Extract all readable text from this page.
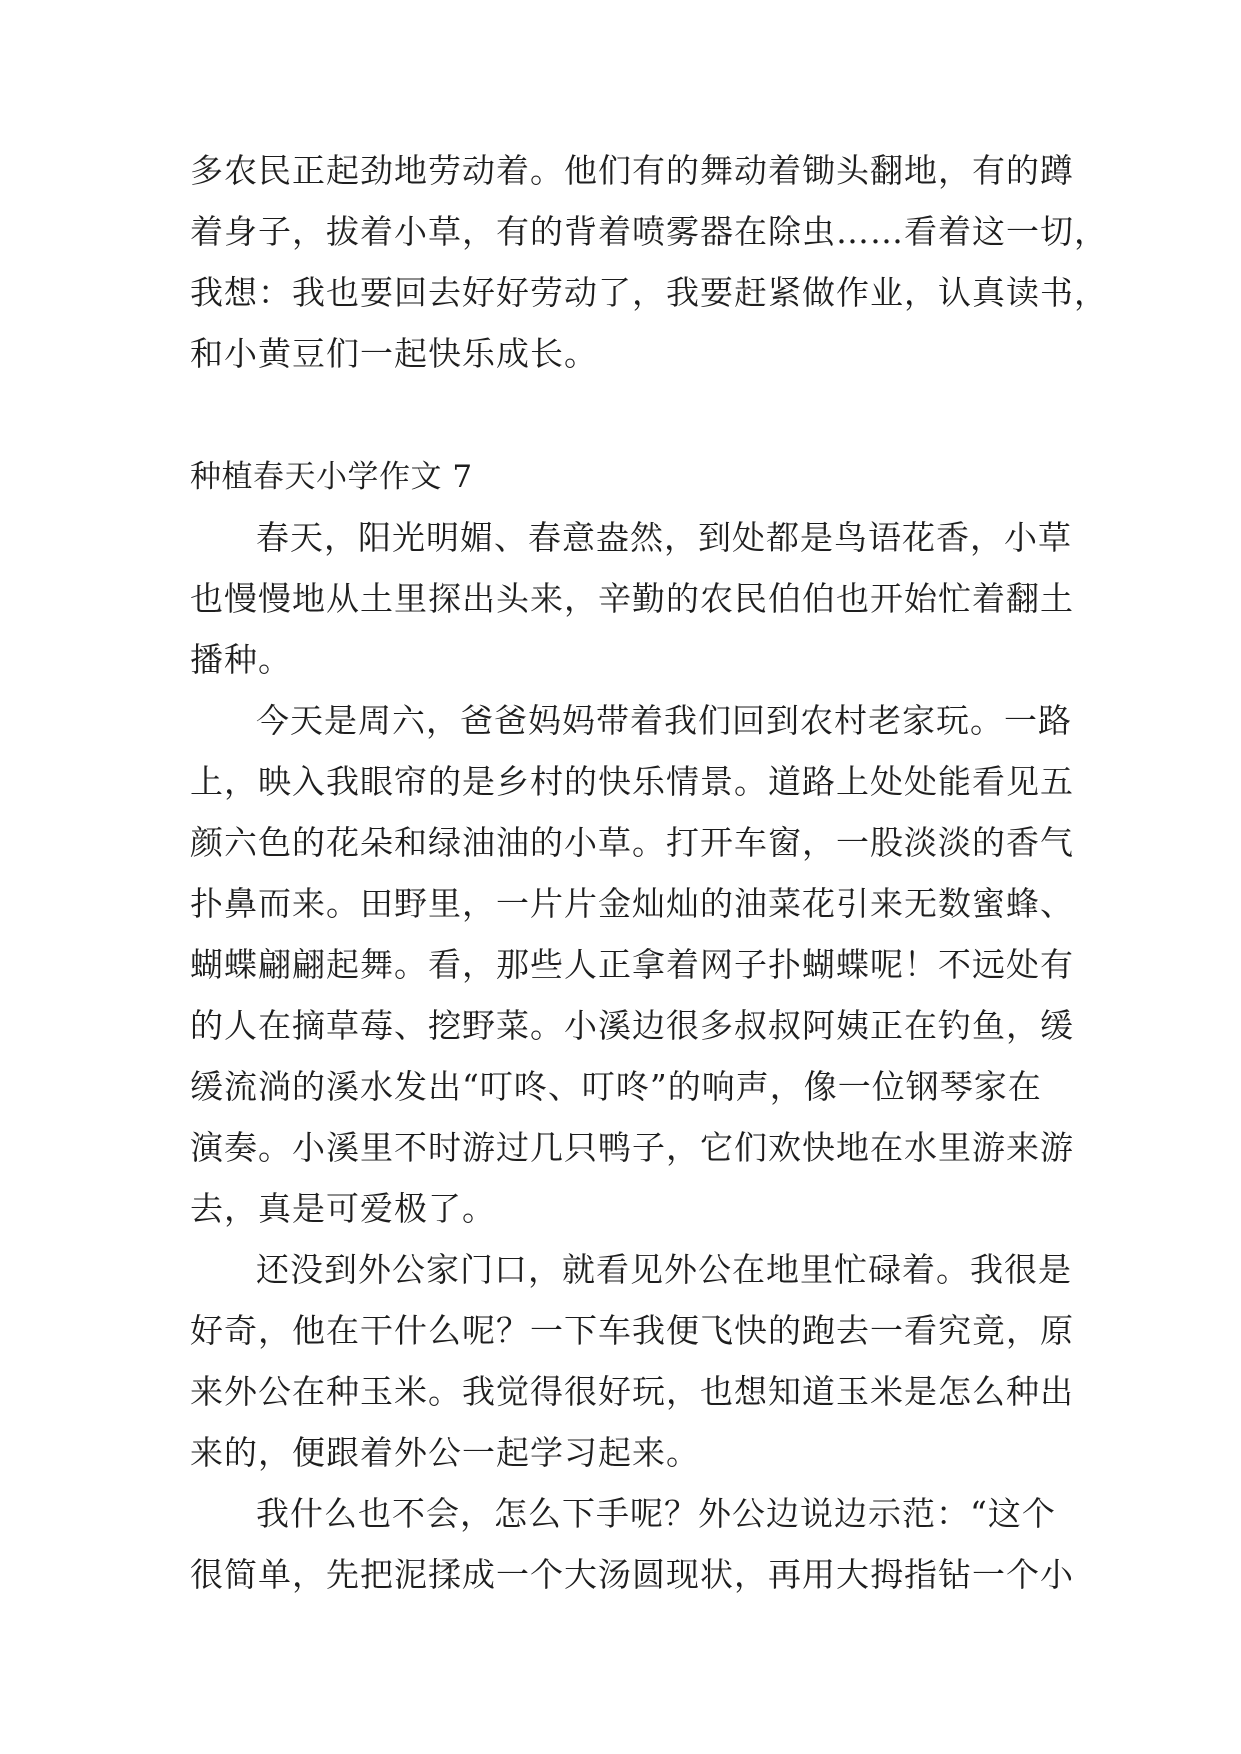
多农民正起劲地劳动着。他们有的舞动着锄头翻地，有的蹲
着身子，拔着小草，有的背着喷雾器在除虫……看着这一切，
我想：我也要回去好好劳动了，我要赶紧做作业，认真读书，
和小黄豆们一起快乐成长。
种植春天小学作文 7
春天，阳光明媚、春意盎然，到处都是鸟语花香，小草
也慢慢地从土里探出头来，辛勤的农民伯伯也开始忙着翻土
播种。
今天是周六，爸爸妈妈带着我们回到农村老家玩。一路
上，映入我眼帘的是乡村的快乐情景。道路上处处能看见五
颜六色的花朵和绿油油的小草。打开车窗，一股淡淡的香气
扑鼻而来。田野里，一片片金灿灿的油菜花引来无数蜜蜂、
蝴蝶翩翩起舞。看，那些人正拿着网子扑蝴蝶呢！不远处有
的人在摘草莓、挖野菜。小溪边很多叔叔阿姨正在钓鱼，缓
缓流淌的溪水发出“叮咚、叮咚”的响声，像一位钢琴家在
演奏。小溪里不时游过几只鸭子，它们欢快地在水里游来游
去，真是可爱极了。
还没到外公家门口，就看见外公在地里忙碌着。我很是
好奇，他在干什么呢？一下车我便飞快的跑去一看究竟，原
来外公在种玉米。我觉得很好玩，也想知道玉米是怎么种出
来的，便跟着外公一起学习起来。
我什么也不会，怎么下手呢？外公边说边示范：“这个
很简单，先把泥揉成一个大汤圆现状，再用大拇指钻一个小
